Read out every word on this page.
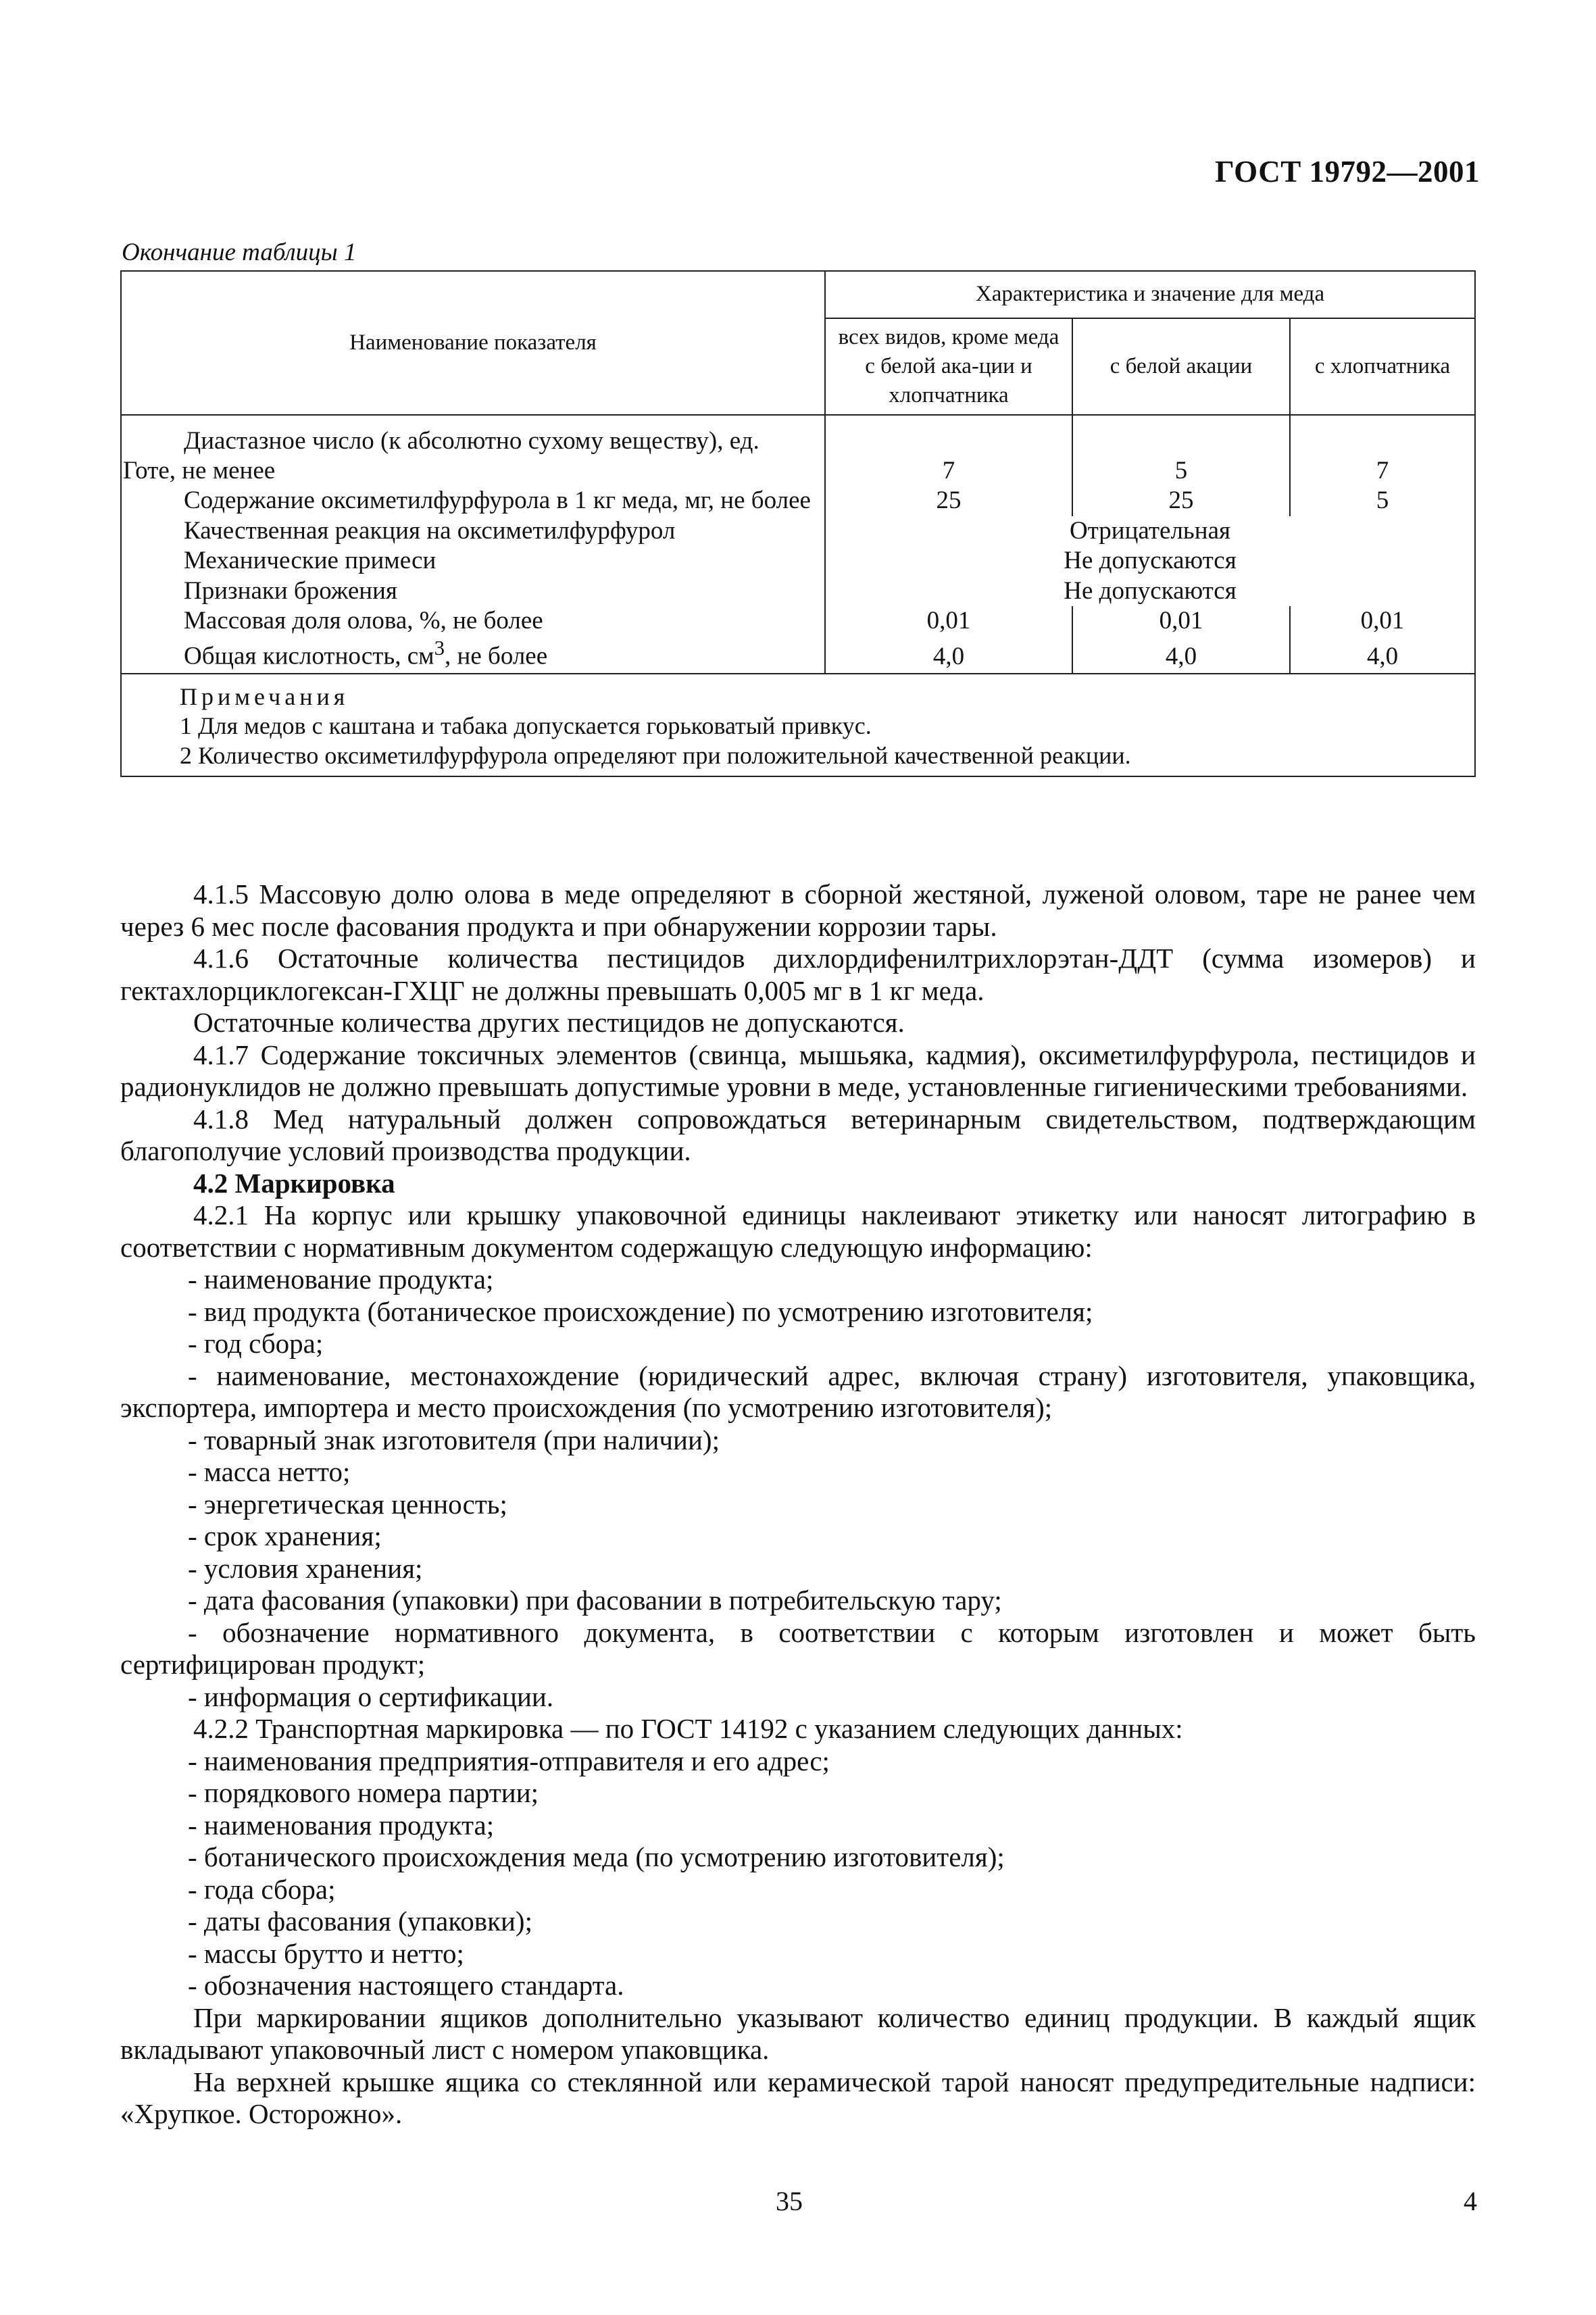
ГОСТ 19792—2001
Окончание таблицы 1
Наименование показателя	Характеристика и значение для меда		
	всех видов, кроме меда с белой ака-ции и хлопчатника	с белой акации	с хлопчатника
Диастазное число (к абсолютно сухому веществу), ед. Готе, не менее	7	5	7
Содержание оксиметилфурфурола в 1 кг меда, мг, не более	25	25	5
Качественная реакция на оксиметилфурфурол	Отрицательная		
Механические примеси	Не допускаются		
Признаки брожения	Не допускаются		
Массовая доля олова, %, не более	0,01	0,01	0,01
Общая кислотность, $см^3$, не более	4,0	4,0	4,0

Примечания
1 Для медов с каштана и табака допускается горьковатый привкус.
2 Количество оксиметилфурфурола определяют при положительной качественной реакции.			

4.1.5 Массовую долю олова в меде определяют в сборной жестяной, луженой оловом, таре не ранее чем через 6 мес после фасования продукта и при обнаружении коррозии тары.

4.1.6 Остаточные количества пестицидов дихлордифенилтрихлорэтан-ДДТ (сумма изомеров) и гектахлорциклогексан-ГХЦГ не должны превышать 0,005 мг в 1 кг меда.

Остаточные количества других пестицидов не допускаются.

4.1.7 Содержание токсичных элементов (свинца, мышьяка, кадмия), оксиметилфурфурола, пестицидов и радионуклидов не должно превышать допустимые уровни в меде, установленные гигиеническими требованиями.

4.1.8 Мед натуральный должен сопровождаться ветеринарным свидетельством, подтверждающим благополучие условий производства продукции.

4.2 Маркировка

4.2.1 На корпус или крышку упаковочной единицы наклеивают этикетку или наносят литографию в соответствии с нормативным документом содержащую следующую информацию:

- наименование продукта;

- вид продукта (ботаническое происхождение) по усмотрению изготовителя;

- год сбора;

- наименование, местонахождение (юридический адрес, включая страну) изготовителя, упаковщика, экспортера, импортера и место происхождения (по усмотрению изготовителя);

- товарный знак изготовителя (при наличии);

- масса нетто;

- энергетическая ценность;

- срок хранения;

- условия хранения;

- дата фасования (упаковки) при фасовании в потребительскую тару;

- обозначение нормативного документа, в соответствии с которым изготовлен и может быть сертифицирован продукт;

- информация о сертификации.

4.2.2 Транспортная маркировка — по ГОСТ 14192 с указанием следующих данных:

- наименования предприятия-отправителя и его адрес;

- порядкового номера партии;

- наименования продукта;

- ботанического происхождения меда (по усмотрению изготовителя);

- года сбора;

- даты фасования (упаковки);

- массы брутто и нетто;

- обозначения настоящего стандарта.

При маркировании ящиков дополнительно указывают количество единиц продукции. В каждый ящик вкладывают упаковочный лист с номером упаковщика.

На верхней крышке ящика со стеклянной или керамической тарой наносят предупредительные надписи: «Хрупкое. Осторожно».

35	4
